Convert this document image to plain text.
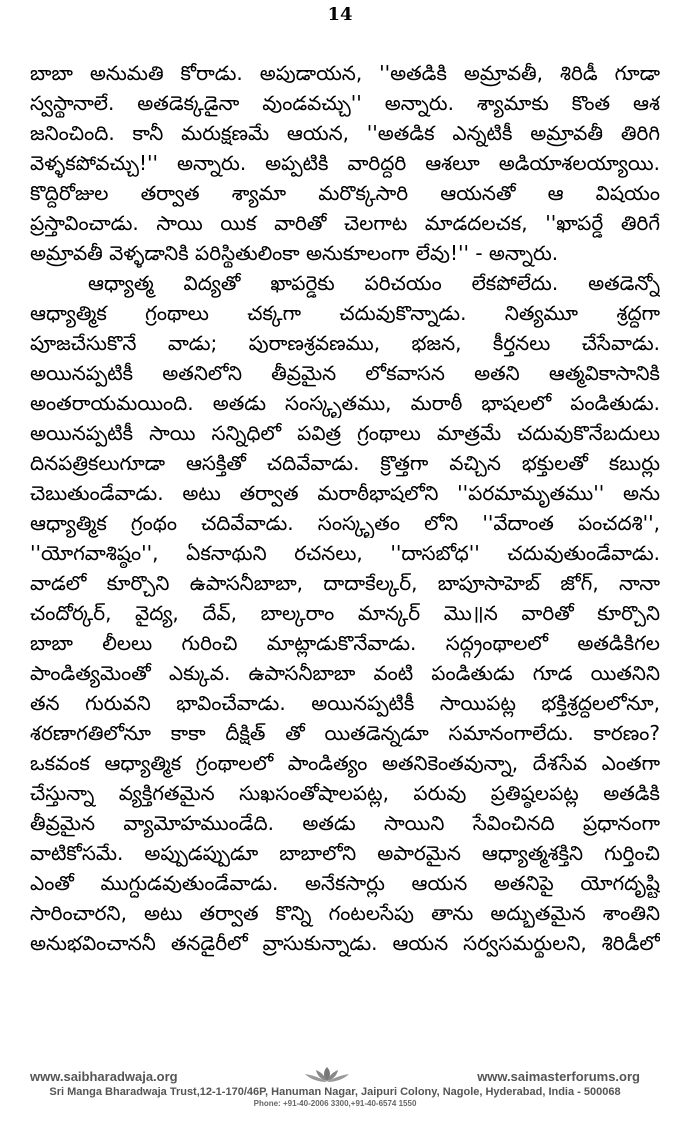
14
బాబా అనుమతి కోరాడు. అపుడాయన, ''అతడికి అమ్రావతీ, శిరిడీ గూడా
స్వస్థానాలే. అతడెక్కడైనా వుండవచ్చు'' అన్నారు. శ్యామాకు కొంత ఆశ
జనించింది. కానీ మరుక్షణమే ఆయన, ''అతడిక ఎన్నటికీ అమ్రావతీ తిరిగి
వెళ్ళకపోవచ్చు!'' అన్నారు. అప్పటికి వారిద్దరి ఆశలూ అడియాశలయ్యాయి.
కొద్దిరోజుల తర్వాత శ్యామా మరొక్కసారి ఆయనతో ఆ విషయం
ప్రస్తావించాడు. సాయి యిక వారితో చెలగాట మాడదలచక, ''ఖాపర్డే తిరిగే
అమ్రావతీ వెళ్ళడానికి పరిస్థితులింకా అనుకూలంగా లేవు!'' - అన్నారు.
ఆధ్యాత్మ విద్యతో ఖాపర్డెకు పరిచయం లేకపోలేదు. అతడెన్నో
ఆధ్యాత్మిక గ్రంథాలు చక్కగా చదువుకొన్నాడు. నిత్యమూ శ్రద్ధగా
పూజచేసుకొనే వాడు; పురాణశ్రవణము, భజన, కీర్తనలు చేసేవాడు.
అయినప్పటికీ అతనిలోని తీవ్రమైన లోకవాసన అతని ఆత్మవికాసానికి
అంతరాయమయింది. అతడు సంస్కృతము, మరాఠీ భాషలలో పండితుడు.
అయినప్పటికీ సాయి సన్నిధిలో పవిత్ర గ్రంథాలు మాత్రమే చదువుకొనేబదులు
దినపత్రికలుగూడా ఆసక్తితో చదివేవాడు. క్రొత్తగా వచ్చిన భక్తులతో కబుర్లు
చెబుతుండేవాడు. అటు తర్వాత మరాఠీభాషలోని ''పరమామృతము'' అను
ఆధ్యాత్మిక గ్రంథం చదివేవాడు. సంస్కృతం లోని ''వేదాంత పంచదశి'',
''యోగవాశిష్ఠం'', ఏకనాథుని రచనలు, ''దాసబోధ'' చదువుతుండేవాడు.
వాడలో కూర్చొని ఉపాసనీబాబా, దాదాకేల్కర్, బాపూసాహెబ్ జోగ్, నానా
చందోర్కర్, వైద్య, దేవ్, బాల్కరాం మాన్కర్ మొ॥న వారితో కూర్చొని
బాబా లీలలు గురించి మాట్లాడుకొనేవాడు. సద్గ్రంథాలలో అతడికిగల
పాండిత్యమెంతో ఎక్కువ. ఉపాసనీబాబా వంటి పండితుడు గూడ యితనిని
తన గురువని భావించేవాడు. అయినప్పటికీ సాయిపట్ల భక్తిశ్రద్ధలలోనూ,
శరణాగతిలోనూ కాకా దీక్షిత్ తో యితడెన్నడూ సమానంగాలేదు. కారణం?
ఒకవంక ఆధ్యాత్మిక గ్రంథాలలో పాండిత్యం అతనికెంతవున్నా, దేశసేవ ఎంతగా
చేస్తున్నా వ్యక్తిగతమైన సుఖసంతోషాలపట్ల, పరువు ప్రతిష్ఠలపట్ల అతడికి
తీవ్రమైన వ్యామోహముండేది. అతడు సాయిని సేవించినది ప్రధానంగా
వాటికోసమే. అప్పుడప్పుడూ బాబాలోని అపారమైన ఆధ్యాత్మశక్తిని గుర్తించి
ఎంతో ముగ్ధుడవుతుండేవాడు. అనేకసార్లు ఆయన అతనిపై యోగదృష్టి
సారించారని, అటు తర్వాత కొన్ని గంటలసేపు తాను అద్భుతమైన శాంతిని
అనుభవించాననీ తనడైరీలో వ్రాసుకున్నాడు. ఆయన సర్వసమర్థులని, శిరిడీలో
www.saibharadwaja.org	www.saimasterforums.org
Sri Manga Bharadwaja Trust,12-1-170/46P, Hanuman Nagar, Jaipuri Colony, Nagole, Hyderabad, India - 500068
Phone: +91-40-2006 3300,+91-40-6574 1550
